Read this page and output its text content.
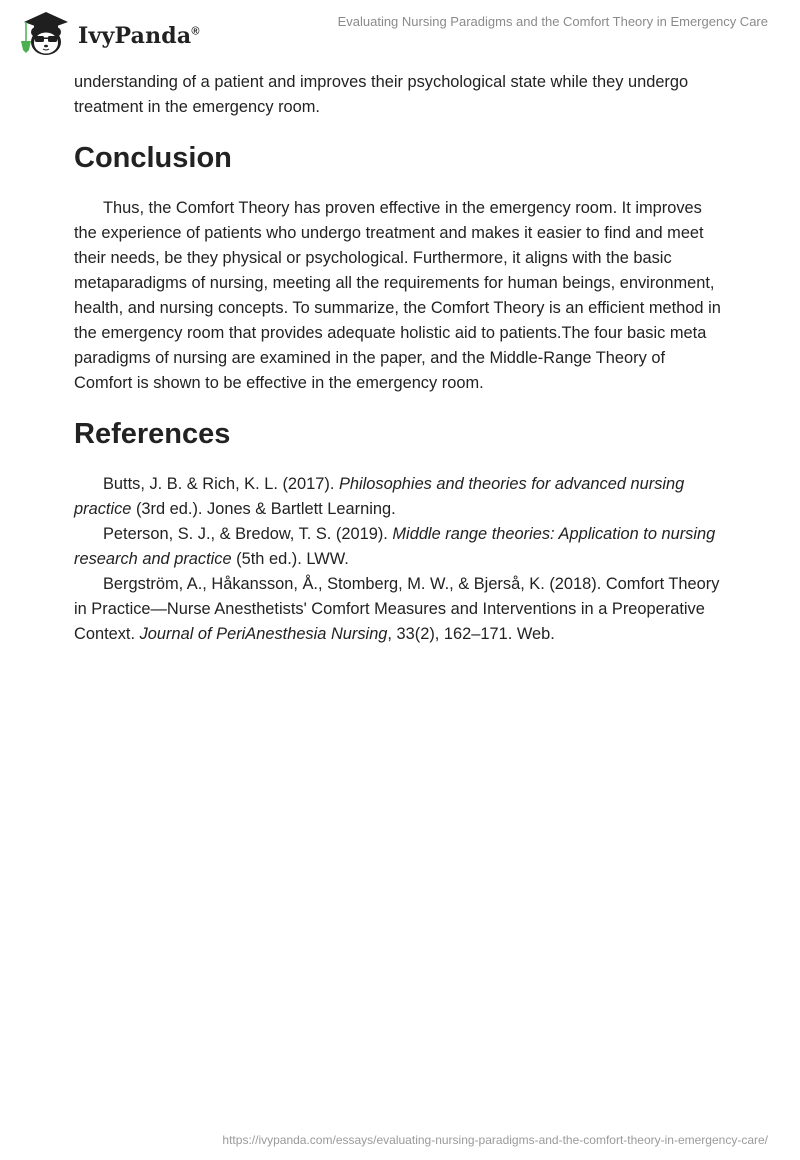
IvyPanda®
Evaluating Nursing Paradigms and the Comfort Theory in Emergency Care

understanding of a patient and improves their psychological state while they undergo treatment in the emergency room.

Conclusion

Thus, the Comfort Theory has proven effective in the emergency room. It improves the experience of patients who undergo treatment and makes it easier to find and meet their needs, be they physical or psychological. Furthermore, it aligns with the basic metaparadigms of nursing, meeting all the requirements for human beings, environment, health, and nursing concepts. To summarize, the Comfort Theory is an efficient method in the emergency room that provides adequate holistic aid to patients.The four basic meta paradigms of nursing are examined in the paper, and the Middle-Range Theory of Comfort is shown to be effective in the emergency room.

References

Butts, J. B. & Rich, K. L. (2017). Philosophies and theories for advanced nursing practice (3rd ed.). Jones & Bartlett Learning.

Peterson, S. J., & Bredow, T. S. (2019). Middle range theories: Application to nursing research and practice (5th ed.). LWW.

Bergström, A., Håkansson, Å., Stomberg, M. W., & Bjerså, K. (2018). Comfort Theory in Practice—Nurse Anesthetists' Comfort Measures and Interventions in a Preoperative Context. Journal of PeriAnesthesia Nursing, 33(2), 162–171. Web.

https://ivypanda.com/essays/evaluating-nursing-paradigms-and-the-comfort-theory-in-emergency-care/
